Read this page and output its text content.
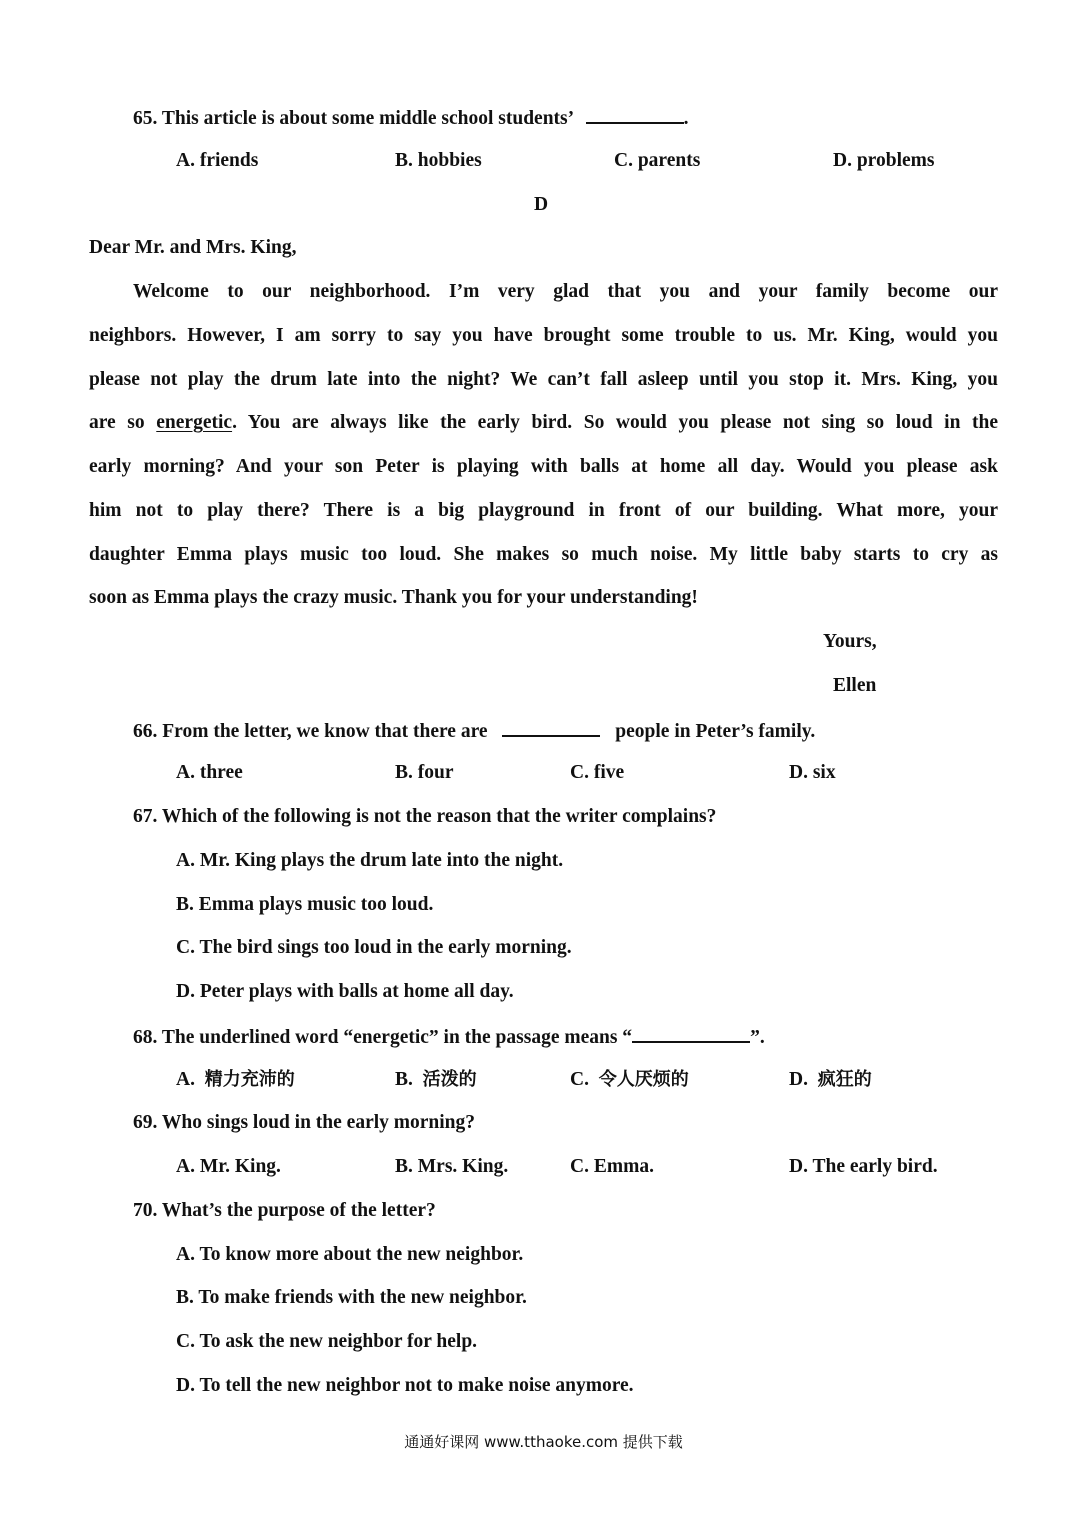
65. This article is about some middle school students’	.
A. friends	B. hobbies	C. parents	D. problems
D
Dear Mr. and Mrs. King,
Welcome to our neighborhood. I’m very glad that you and your family become our
neighbors. However, I am sorry to say you have brought some trouble to us. Mr. King, would you
please not play the drum late into the night? We can’t fall asleep until you stop it. Mrs. King, you
are so energetic. You are always like the early bird. So would you please not sing so loud in the
early morning? And your son Peter is playing with balls at home all day. Would you please ask
him not to play there? There is a big playground in front of our building. What more, your
daughter Emma plays music too loud. She makes so much noise. My little baby starts to cry as
soon as Emma plays the crazy music. Thank you for your understanding!
Yours,
Ellen
66. From the letter, we know that there are	people in Peter’s family.
A. three	B. four	C. five	D. six
67. Which of the following is not the reason that the writer complains?
A. Mr. King plays the drum late into the night.
B. Emma plays music too loud.
C. The bird sings too loud in the early morning.
D. Peter plays with balls at home all day.
68. The underlined word “energetic” in the passage means “	”.
A. 精力充沛的	B. 活泼的	C. 令人厌烦的	D. 疯狂的
69. Who sings loud in the early morning?
A. Mr. King.	B. Mrs. King.	C. Emma.	D. The early bird.
70. What’s the purpose of the letter?
A. To know more about the new neighbor.
B. To make friends with the new neighbor.
C. To ask the new neighbor for help.
D. To tell the new neighbor not to make noise anymore.
通通好课网 www.tthaoke.com 提供下载
